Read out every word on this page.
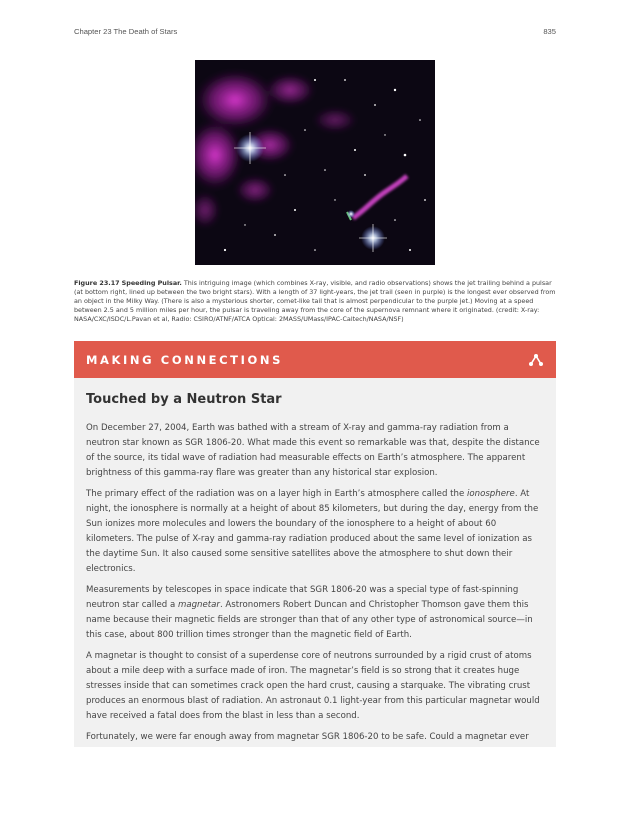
Chapter 23 The Death of Stars	835

Figure 23.17 Speeding Pulsar. This intriguing image (which combines X-ray, visible, and radio observations) shows the jet trailing behind a pulsar (at bottom right, lined up between the two bright stars). With a length of 37 light-years, the jet trail (seen in purple) is the longest ever observed from an object in the Milky Way. (There is also a mysterious shorter, comet-like tail that is almost perpendicular to the purple jet.) Moving at a speed between 2.5 and 5 million miles per hour, the pulsar is traveling away from the core of the supernova remnant where it originated. (credit: X-ray: NASA/CXC/ISDC/L.Pavan et al, Radio: CSIRO/ATNF/ATCA Optical: 2MASS/UMass/IPAC-Caltech/NASA/NSF)

MAKING CONNECTIONS
Touched by a Neutron Star

On December 27, 2004, Earth was bathed with a stream of X-ray and gamma-ray radiation from a neutron star known as SGR 1806-20. What made this event so remarkable was that, despite the distance of the source, its tidal wave of radiation had measurable effects on Earth’s atmosphere. The apparent brightness of this gamma-ray flare was greater than any historical star explosion.

The primary effect of the radiation was on a layer high in Earth’s atmosphere called the ionosphere. At night, the ionosphere is normally at a height of about 85 kilometers, but during the day, energy from the Sun ionizes more molecules and lowers the boundary of the ionosphere to a height of about 60 kilometers. The pulse of X-ray and gamma-ray radiation produced about the same level of ionization as the daytime Sun. It also caused some sensitive satellites above the atmosphere to shut down their electronics.

Measurements by telescopes in space indicate that SGR 1806-20 was a special type of fast-spinning neutron star called a magnetar. Astronomers Robert Duncan and Christopher Thomson gave them this name because their magnetic fields are stronger than that of any other type of astronomical source—in this case, about 800 trillion times stronger than the magnetic field of Earth.

A magnetar is thought to consist of a superdense core of neutrons surrounded by a rigid crust of atoms about a mile deep with a surface made of iron. The magnetar’s field is so strong that it creates huge stresses inside that can sometimes crack open the hard crust, causing a starquake. The vibrating crust produces an enormous blast of radiation. An astronaut 0.1 light-year from this particular magnetar would have received a fatal does from the blast in less than a second.

Fortunately, we were far enough away from magnetar SGR 1806-20 to be safe. Could a magnetar ever
